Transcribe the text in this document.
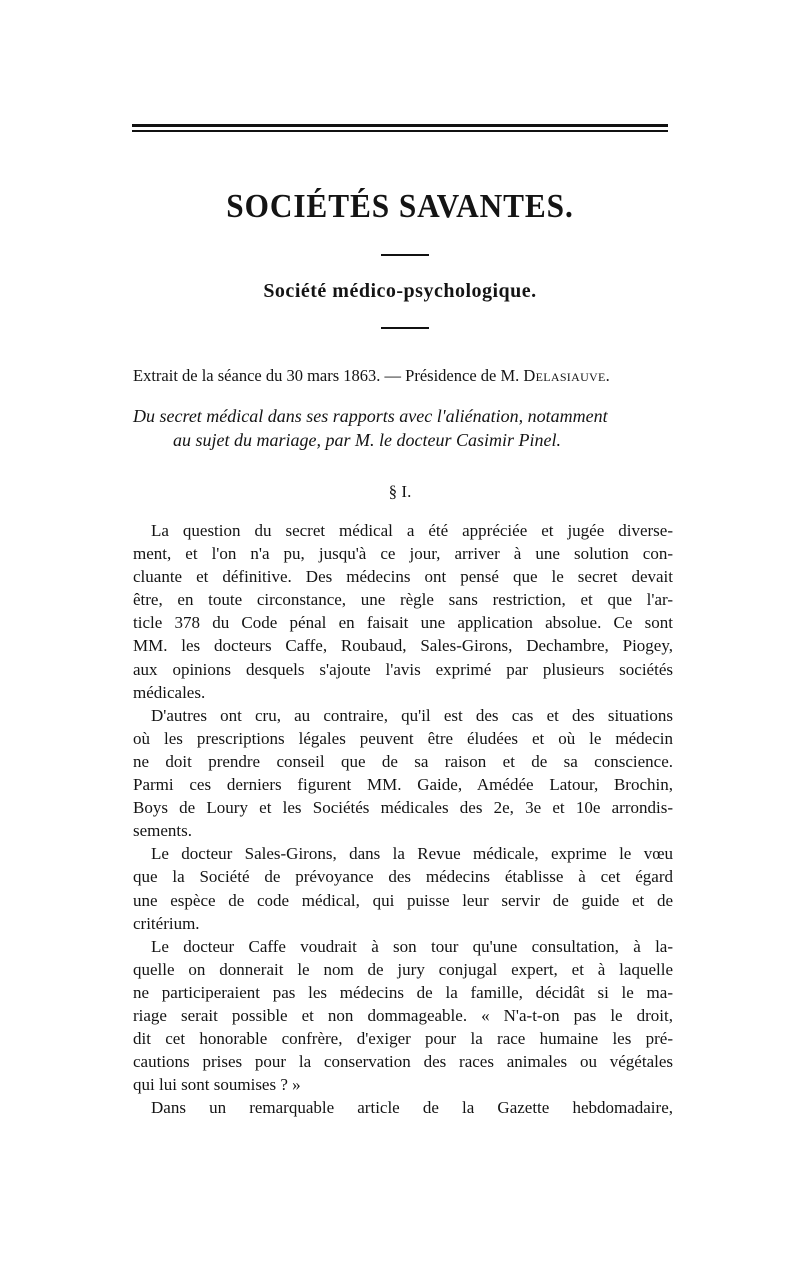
SOCIÉTÉS SAVANTES.
Société médico-psychologique.
Extrait de la séance du 30 mars 1863. — Présidence de M. Delasiauve.
Du secret médical dans ses rapports avec l'aliénation, notamment
au sujet du mariage, par M. le docteur Casimir Pinel.
§ I.
La question du secret médical a été appréciée et jugée diverse-
ment, et l'on n'a pu, jusqu'à ce jour, arriver à une solution con-
cluante et définitive. Des médecins ont pensé que le secret devait
être, en toute circonstance, une règle sans restriction, et que l'ar-
ticle 378 du Code pénal en faisait une application absolue. Ce sont
MM. les docteurs Caffe, Roubaud, Sales-Girons, Dechambre, Piogey,
aux opinions desquels s'ajoute l'avis exprimé par plusieurs sociétés
médicales.
D'autres ont cru, au contraire, qu'il est des cas et des situations
où les prescriptions légales peuvent être éludées et où le médecin
ne doit prendre conseil que de sa raison et de sa conscience.
Parmi ces derniers figurent MM. Gaide, Amédée Latour, Brochin,
Boys de Loury et les Sociétés médicales des 2e, 3e et 10e arrondis-
sements.
Le docteur Sales-Girons, dans la Revue médicale, exprime le vœu
que la Société de prévoyance des médecins établisse à cet égard
une espèce de code médical, qui puisse leur servir de guide et de
critérium.
Le docteur Caffe voudrait à son tour qu'une consultation, à la-
quelle on donnerait le nom de jury conjugal expert, et à laquelle
ne participeraient pas les médecins de la famille, décidât si le ma-
riage serait possible et non dommageable. « N'a-t-on pas le droit,
dit cet honorable confrère, d'exiger pour la race humaine les pré-
cautions prises pour la conservation des races animales ou végétales
qui lui sont soumises ? »
Dans un remarquable article de la Gazette hebdomadaire,
